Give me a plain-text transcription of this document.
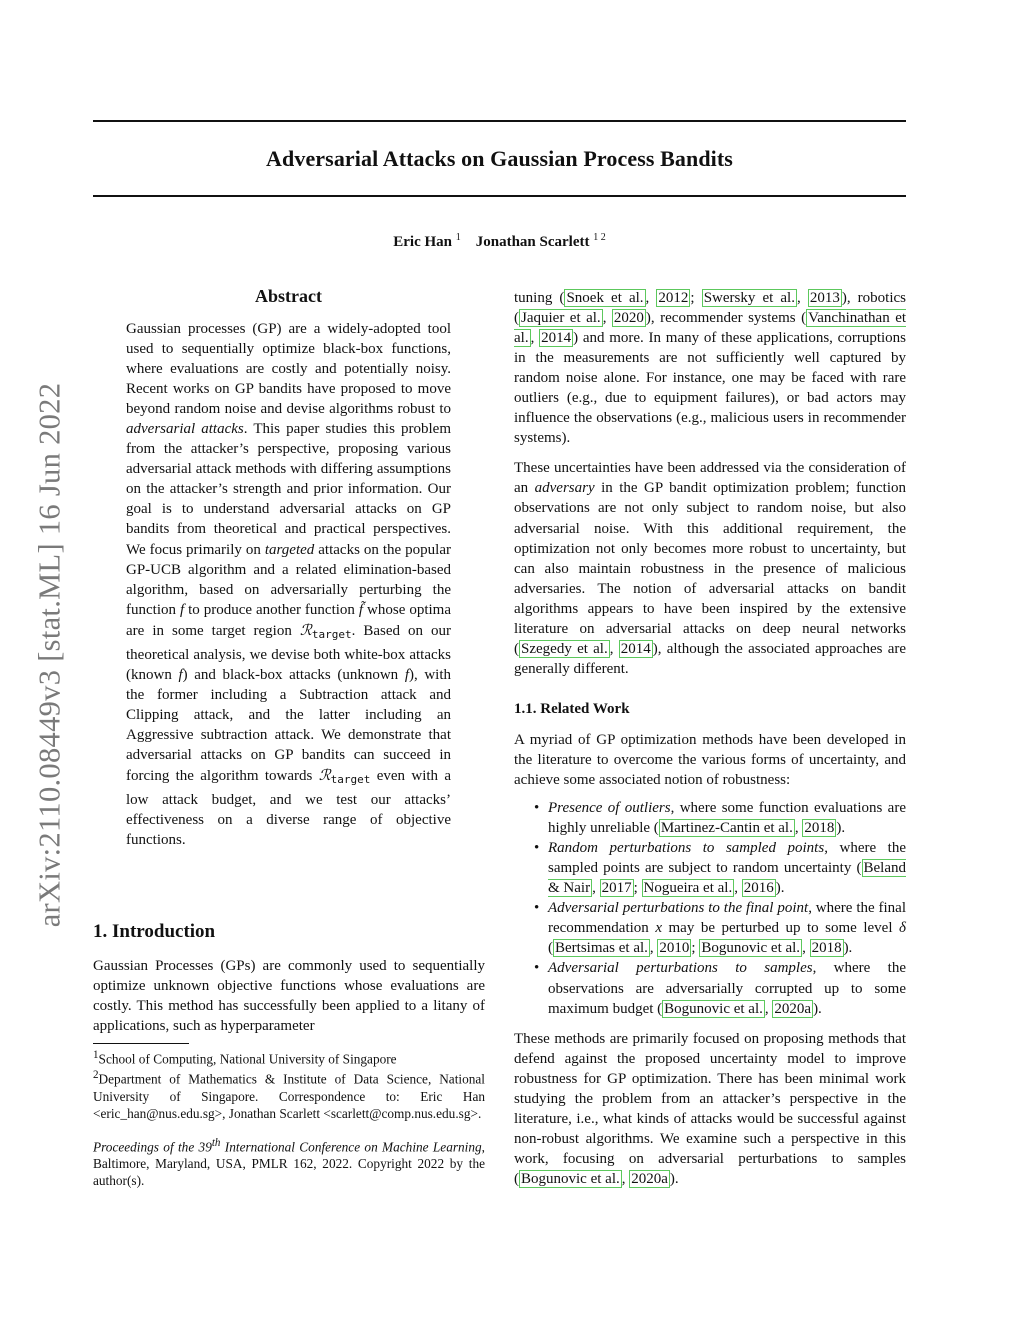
Adversarial Attacks on Gaussian Process Bandits
Eric Han $^1$ Jonathan Scarlett $^{1 2}$
arXiv:2110.08449v3 [stat.ML] 16 Jun 2022
Abstract
Gaussian processes (GP) are a widely-adopted tool used to sequentially optimize black-box functions, where evaluations are costly and potentially noisy. Recent works on GP bandits have proposed to move beyond random noise and devise algorithms robust to adversarial attacks. This paper studies this problem from the attacker’s perspective, proposing various adversarial attack methods with differing assumptions on the attacker’s strength and prior information. Our goal is to understand adversarial attacks on GP bandits from theoretical and practical perspectives. We focus primarily on targeted attacks on the popular GP-UCB algorithm and a related elimination-based algorithm, based on adversarially perturbing the function f to produce another function f̃ whose optima are in some target region ℛ$_{target}$. Based on our theoretical analysis, we devise both white-box attacks (known f) and black-box attacks (unknown f), with the former including a Subtraction attack and Clipping attack, and the latter including an Aggressive subtraction attack. We demonstrate that adversarial attacks on GP bandits can succeed in forcing the algorithm towards ℛ$_{target}$ even with a low attack budget, and we test our attacks’ effectiveness on a diverse range of objective functions.
1. Introduction
Gaussian Processes (GPs) are commonly used to sequentially optimize unknown objective functions whose evaluations are costly. This method has successfully been applied to a litany of applications, such as hyperparameter

$^1$School of Computing, National University of Singapore

$^2$Department of Mathematics & Institute of Data Science, National University of Singapore. Correspondence to: Eric Han <eric_han@nus.edu.sg>, Jonathan Scarlett <scarlett@comp.nus.edu.sg>.

Proceedings of the 39th International Conference on Machine Learning, Baltimore, Maryland, USA, PMLR 162, 2022. Copyright 2022 by the author(s).

tuning ( Snoek et al. , 2012 ; Swersky et al. , 2013 ), robotics ( Jaquier et al. , 2020 ), recommender systems ( Vanchinathan et al. , 2014 ) and more. In many of these applications, corruptions in the measurements are not sufficiently well captured by random noise alone. For instance, one may be faced with rare outliers (e.g., due to equipment failures), or bad actors may influence the observations (e.g., malicious users in recommender systems).

These uncertainties have been addressed via the consideration of an adversary in the GP bandit optimization problem; function observations are not only subject to random noise, but also adversarial noise. With this additional requirement, the optimization not only becomes more robust to uncertainty, but can also maintain robustness in the presence of malicious adversaries. The notion of adversarial attacks on bandit algorithms appears to have been inspired by the extensive literature on adversarial attacks on deep neural networks ( Szegedy et al. , 2014 ), although the associated approaches are generally different.

1.1. Related Work

A myriad of GP optimization methods have been developed in the literature to overcome the various forms of uncertainty, and achieve some associated notion of robustness:

• Presence of outliers, where some function evaluations are highly unreliable ( Martinez-Cantin et al. , 2018 ).
• Random perturbations to sampled points, where the sampled points are subject to random uncertainty ( Beland & Nair , 2017 ; Nogueira et al. , 2016 ).
• Adversarial perturbations to the final point, where the final recommendation x may be perturbed up to some level δ ( Bertsimas et al. , 2010 ; Bogunovic et al. , 2018 ).
• Adversarial perturbations to samples, where the observations are adversarially corrupted up to some maximum budget ( Bogunovic et al. , 2020a ).

These methods are primarily focused on proposing methods that defend against the proposed uncertainty model to improve robustness for GP optimization. There has been minimal work studying the problem from an attacker’s perspective in the literature, i.e., what kinds of attacks would be successful against non-robust algorithms. We examine such a perspective in this work, focusing on adversarial perturbations to samples ( Bogunovic et al. , 2020a ).
